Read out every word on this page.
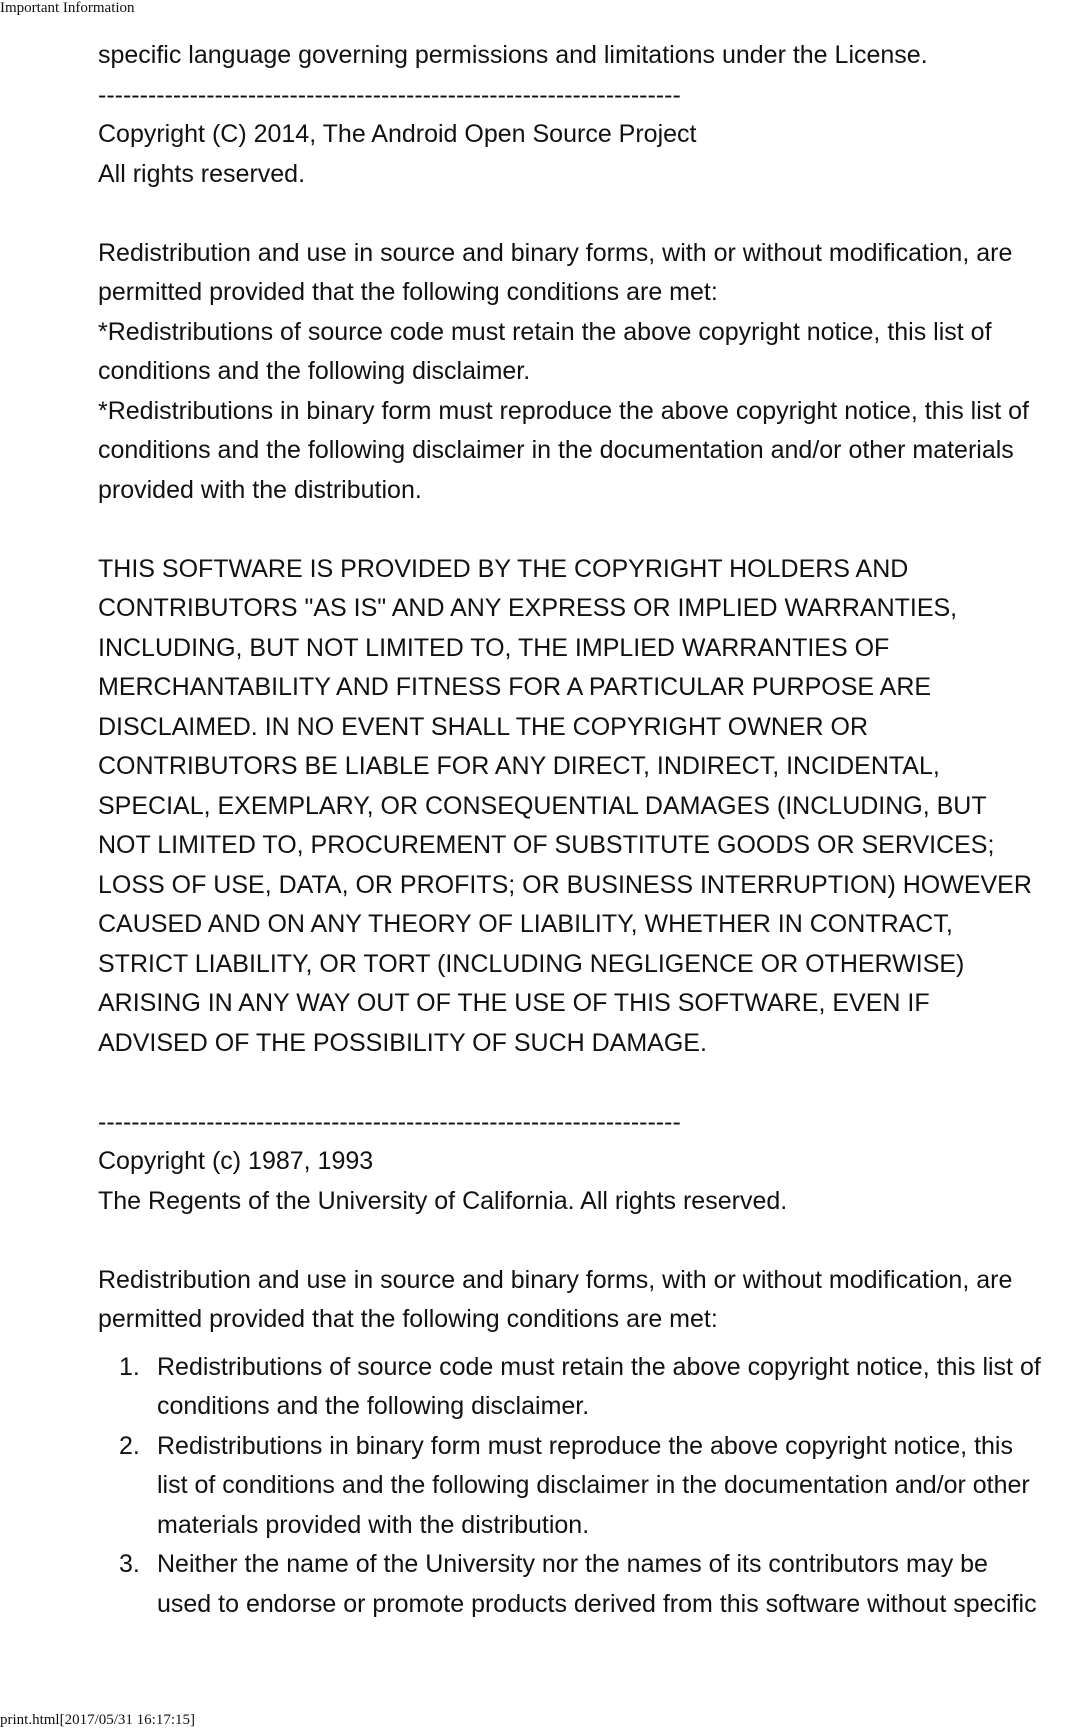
Important Information
specific language governing permissions and limitations under the License.
----------------------------------------------------------------------
Copyright (C) 2014, The Android Open Source Project
All rights reserved.
Redistribution and use in source and binary forms, with or without modification, are
permitted provided that the following conditions are met:
*Redistributions of source code must retain the above copyright notice, this list of
conditions and the following disclaimer.
*Redistributions in binary form must reproduce the above copyright notice, this list of
conditions and the following disclaimer in the documentation and/or other materials
provided with the distribution.
THIS SOFTWARE IS PROVIDED BY THE COPYRIGHT HOLDERS AND
CONTRIBUTORS "AS IS" AND ANY EXPRESS OR IMPLIED WARRANTIES,
INCLUDING, BUT NOT LIMITED TO, THE IMPLIED WARRANTIES OF
MERCHANTABILITY AND FITNESS FOR A PARTICULAR PURPOSE ARE
DISCLAIMED. IN NO EVENT SHALL THE COPYRIGHT OWNER OR
CONTRIBUTORS BE LIABLE FOR ANY DIRECT, INDIRECT, INCIDENTAL,
SPECIAL, EXEMPLARY, OR CONSEQUENTIAL DAMAGES (INCLUDING, BUT
NOT LIMITED TO, PROCUREMENT OF SUBSTITUTE GOODS OR SERVICES;
LOSS OF USE, DATA, OR PROFITS; OR BUSINESS INTERRUPTION) HOWEVER
CAUSED AND ON ANY THEORY OF LIABILITY, WHETHER IN CONTRACT,
STRICT LIABILITY, OR TORT (INCLUDING NEGLIGENCE OR OTHERWISE)
ARISING IN ANY WAY OUT OF THE USE OF THIS SOFTWARE, EVEN IF
ADVISED OF THE POSSIBILITY OF SUCH DAMAGE.
----------------------------------------------------------------------
Copyright (c) 1987, 1993
The Regents of the University of California. All rights reserved.
Redistribution and use in source and binary forms, with or without modification, are
permitted provided that the following conditions are met:
1. Redistributions of source code must retain the above copyright notice, this list of
conditions and the following disclaimer.
2. Redistributions in binary form must reproduce the above copyright notice, this
list of conditions and the following disclaimer in the documentation and/or other
materials provided with the distribution.
3. Neither the name of the University nor the names of its contributors may be
used to endorse or promote products derived from this software without specific
print.html[2017/05/31 16:17:15]
